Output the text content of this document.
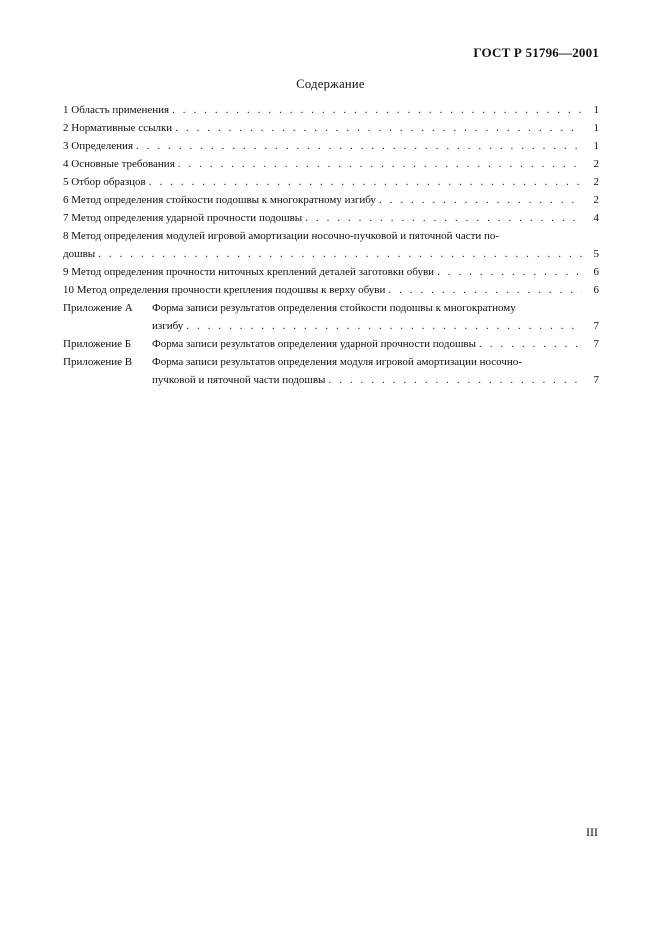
ГОСТ Р 51796—2001
Содержание
1 Область применения . . .	1
2 Нормативные ссылки . . .	1
3 Определения . . .	1
4 Основные требования . . .	2
5 Отбор образцов . . .	2
6 Метод определения стойкости подошвы к многократному изгибу . . .	2
7 Метод определения ударной прочности подошвы . . .	4
8 Метод определения модулей игровой амортизации носочно-пучковой и пяточной части по-
дошвы . . .	5
9 Метод определения прочности ниточных креплений деталей заготовки обуви . . .	6
10 Метод определения прочности крепления подошвы к верху обуви . . .	6
Приложение А	Форма записи результатов определения стойкости подошвы к многократному
изгибу . . .	7
Приложение Б	Форма записи результатов определения ударной прочности подошвы . . .	7
Приложение В	Форма записи результатов определения модуля игровой амортизации носочно-
пучковой и пяточной части подошвы . . .	7
III
